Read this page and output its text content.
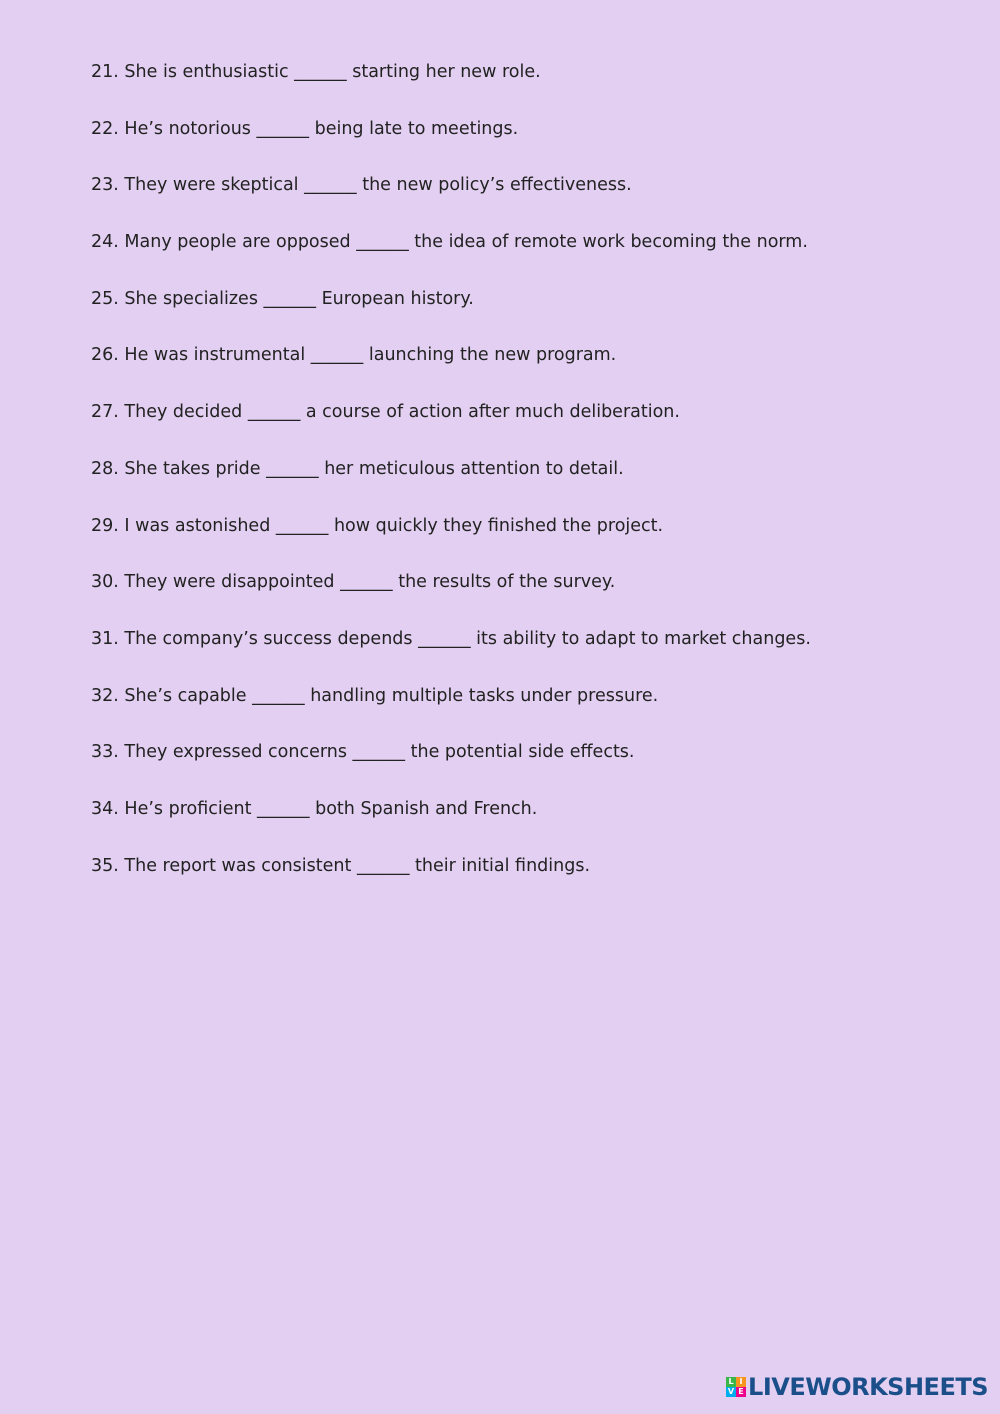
21. She is enthusiastic ______ starting her new role.
22. He’s notorious ______ being late to meetings.
23. They were skeptical ______ the new policy’s effectiveness.
24. Many people are opposed ______ the idea of remote work becoming the norm.
25. She specializes ______ European history.
26. He was instrumental ______ launching the new program.
27. They decided ______ a course of action after much deliberation.
28. She takes pride ______ her meticulous attention to detail.
29. I was astonished ______ how quickly they finished the project.
30. They were disappointed ______ the results of the survey.
31. The company’s success depends ______ its ability to adapt to market changes.
32. She’s capable ______ handling multiple tasks under pressure.
33. They expressed concerns ______ the potential side effects.
34. He’s proficient ______ both Spanish and French.
35. The report was consistent ______ their initial findings.
L I
V E LIVEWORKSHEETS
